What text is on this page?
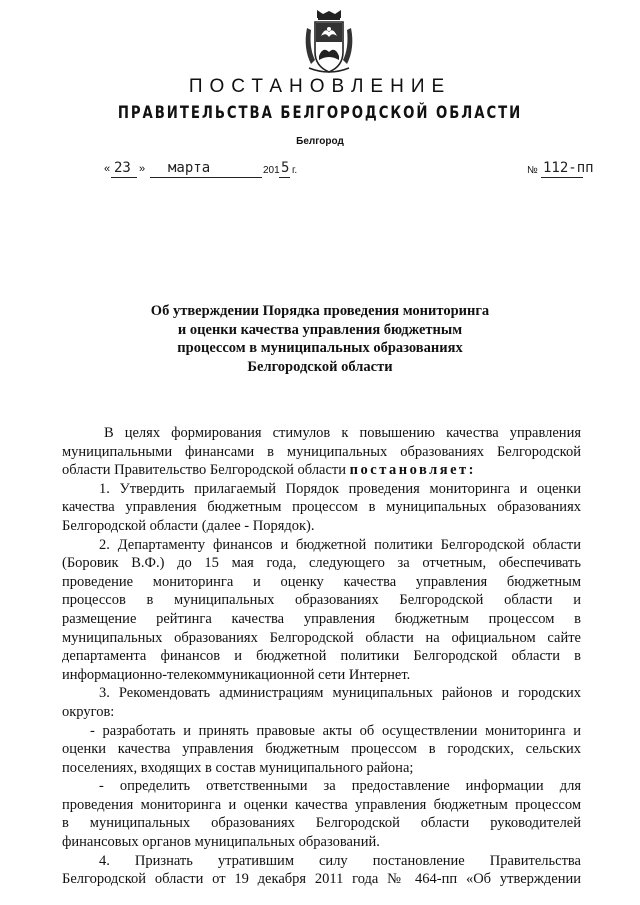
ПОСТАНОВЛЕНИЕ
ПРАВИТЕЛЬСТВА БЕЛГОРОДСКОЙ ОБЛАСТИ
Белгород
« 23 » марта	201 5 г.	№ 112-пп
Об утверждении Порядка проведения мониторинга
и оценки качества управления бюджетным
процессом в муниципальных образованиях
Белгородской области
В целях формирования стимулов к повышению качества управления
муниципальными финансами в муниципальных образованиях Белгородской
области Правительство Белгородской области постановляет:
1. Утвердить прилагаемый Порядок проведения мониторинга и оценки
качества управления бюджетным процессом в муниципальных образованиях
Белгородской области (далее - Порядок).
2. Департаменту финансов и бюджетной политики Белгородской области
(Боровик В.Ф.) до 15 мая года, следующего за отчетным, обеспечивать
проведение мониторинга и оценку качества управления бюджетным
процессов в муниципальных образованиях Белгородской области и
размещение рейтинга качества управления бюджетным процессом в
муниципальных образованиях Белгородской области на официальном сайте
департамента финансов и бюджетной политики Белгородской области в
информационно-телекоммуникационной сети Интернет.
3. Рекомендовать администрациям муниципальных районов и городских
округов:
- разработать и принять правовые акты об осуществлении мониторинга и
оценки качества управления бюджетным процессом в городских, сельских
поселениях, входящих в состав муниципального района;
- определить ответственными за предоставление информации для
проведения мониторинга и оценки качества управления бюджетным процессом
в муниципальных образованиях Белгородской области руководителей
финансовых органов муниципальных образований.
4. Признать утратившим силу постановление Правительства
Белгородской области от 19 декабря 2011 года № 464-пп «Об утверждении
